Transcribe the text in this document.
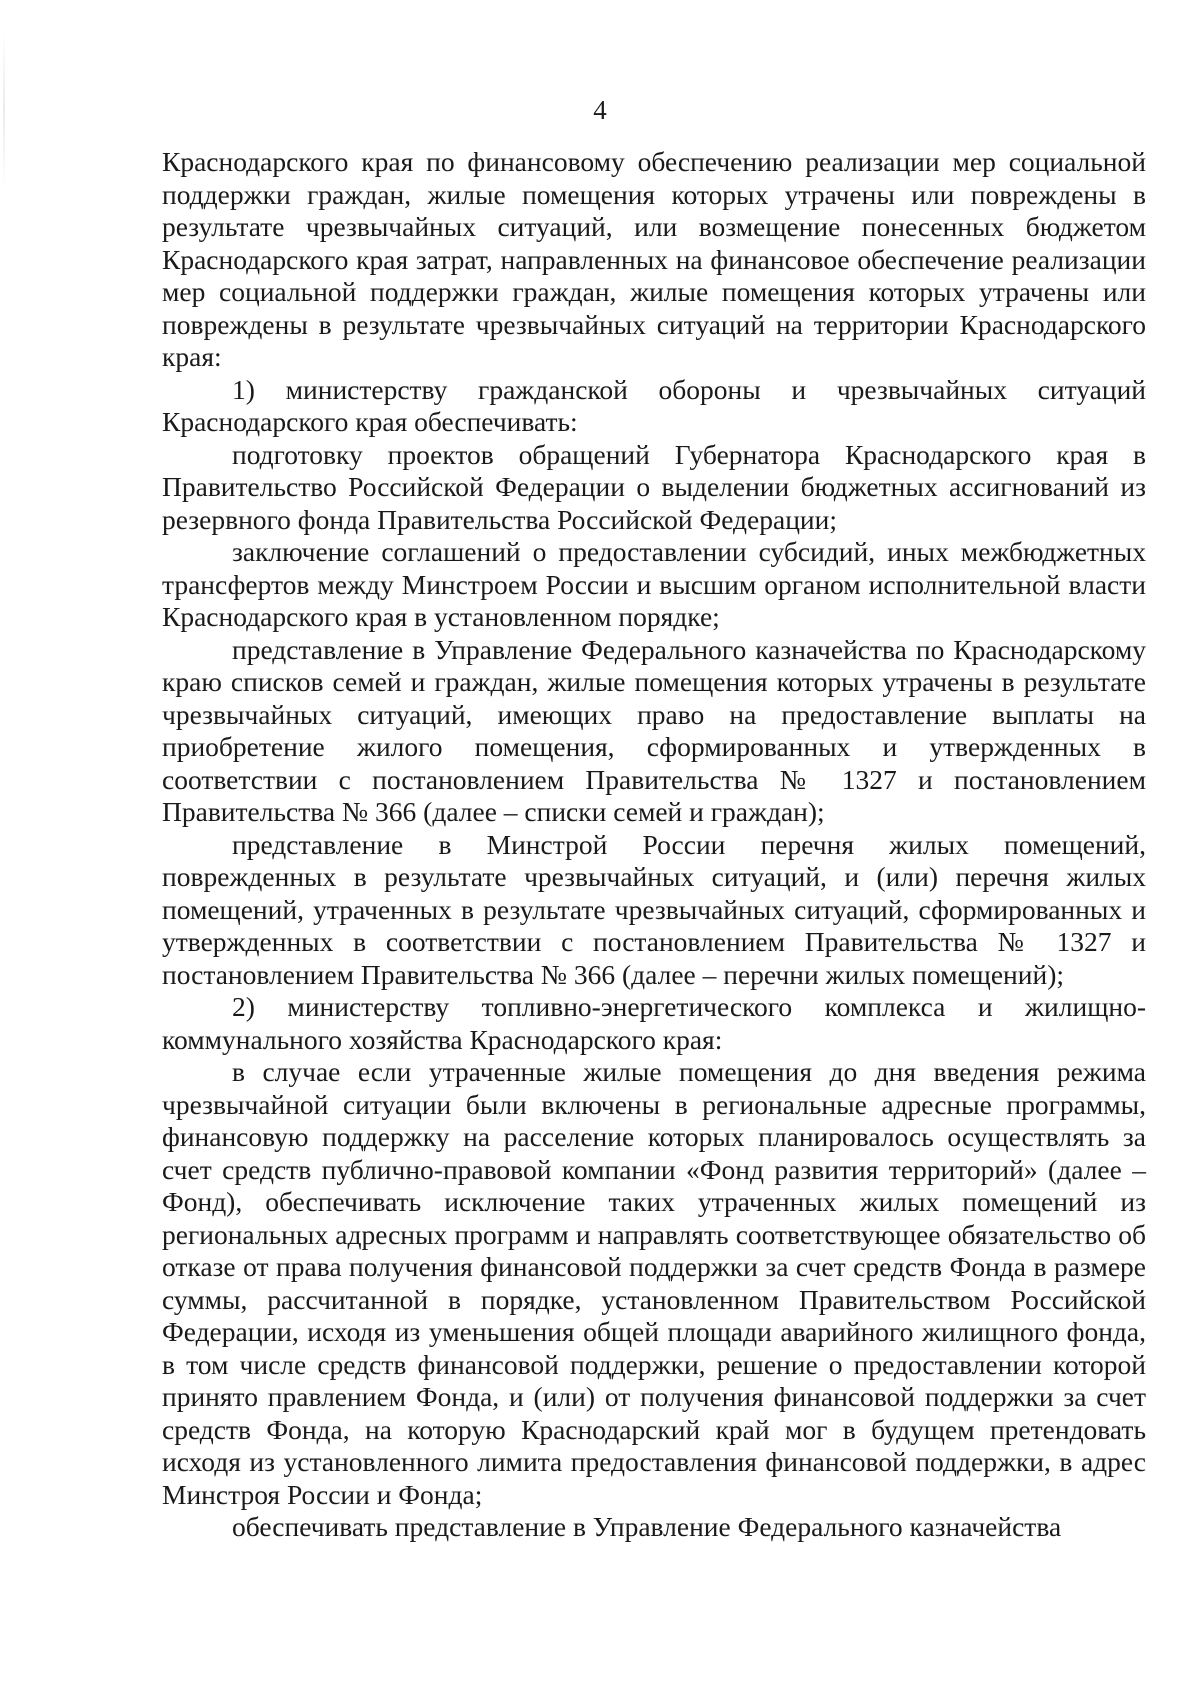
4

Краснодарского края по финансовому обеспечению реализации мер социальной поддержки граждан, жилые помещения которых утрачены или повреждены в результате чрезвычайных ситуаций, или возмещение понесенных бюджетом Краснодарского края затрат, направленных на финансовое обеспечение реализации мер социальной поддержки граждан, жилые помещения которых утрачены или повреждены в результате чрезвычайных ситуаций на территории Краснодарского края:

1) министерству гражданской обороны и чрезвычайных ситуаций Краснодарского края обеспечивать:

подготовку проектов обращений Губернатора Краснодарского края в Правительство Российской Федерации о выделении бюджетных ассигнований из резервного фонда Правительства Российской Федерации;

заключение соглашений о предоставлении субсидий, иных межбюджетных трансфертов между Минстроем России и высшим органом исполнительной власти Краснодарского края в установленном порядке;

представление в Управление Федерального казначейства по Краснодарскому краю списков семей и граждан, жилые помещения которых утрачены в результате чрезвычайных ситуаций, имеющих право на предоставление выплаты на приобретение жилого помещения, сформированных и утвержденных в соответствии с постановлением Правительства № 1327 и постановлением Правительства № 366 (далее – списки семей и граждан);

представление в Минстрой России перечня жилых помещений, поврежденных в результате чрезвычайных ситуаций, и (или) перечня жилых помещений, утраченных в результате чрезвычайных ситуаций, сформированных и утвержденных в соответствии с постановлением Правительства № 1327 и постановлением Правительства № 366 (далее – перечни жилых помещений);

2) министерству топливно-энергетического комплекса и жилищно-коммунального хозяйства Краснодарского края:

в случае если утраченные жилые помещения до дня введения режима чрезвычайной ситуации были включены в региональные адресные программы, финансовую поддержку на расселение которых планировалось осуществлять за счет средств публично-правовой компании «Фонд развития территорий» (далее – Фонд), обеспечивать исключение таких утраченных жилых помещений из региональных адресных программ и направлять соответствующее обязательство об отказе от права получения финансовой поддержки за счет средств Фонда в размере суммы, рассчитанной в порядке, установленном Правительством Российской Федерации, исходя из уменьшения общей площади аварийного жилищного фонда, в том числе средств финансовой поддержки, решение о предоставлении которой принято правлением Фонда, и (или) от получения финансовой поддержки за счет средств Фонда, на которую Краснодарский край мог в будущем претендовать исходя из установленного лимита предоставления финансовой поддержки, в адрес Минстроя России и Фонда;

обеспечивать представление в Управление Федерального казначейства
